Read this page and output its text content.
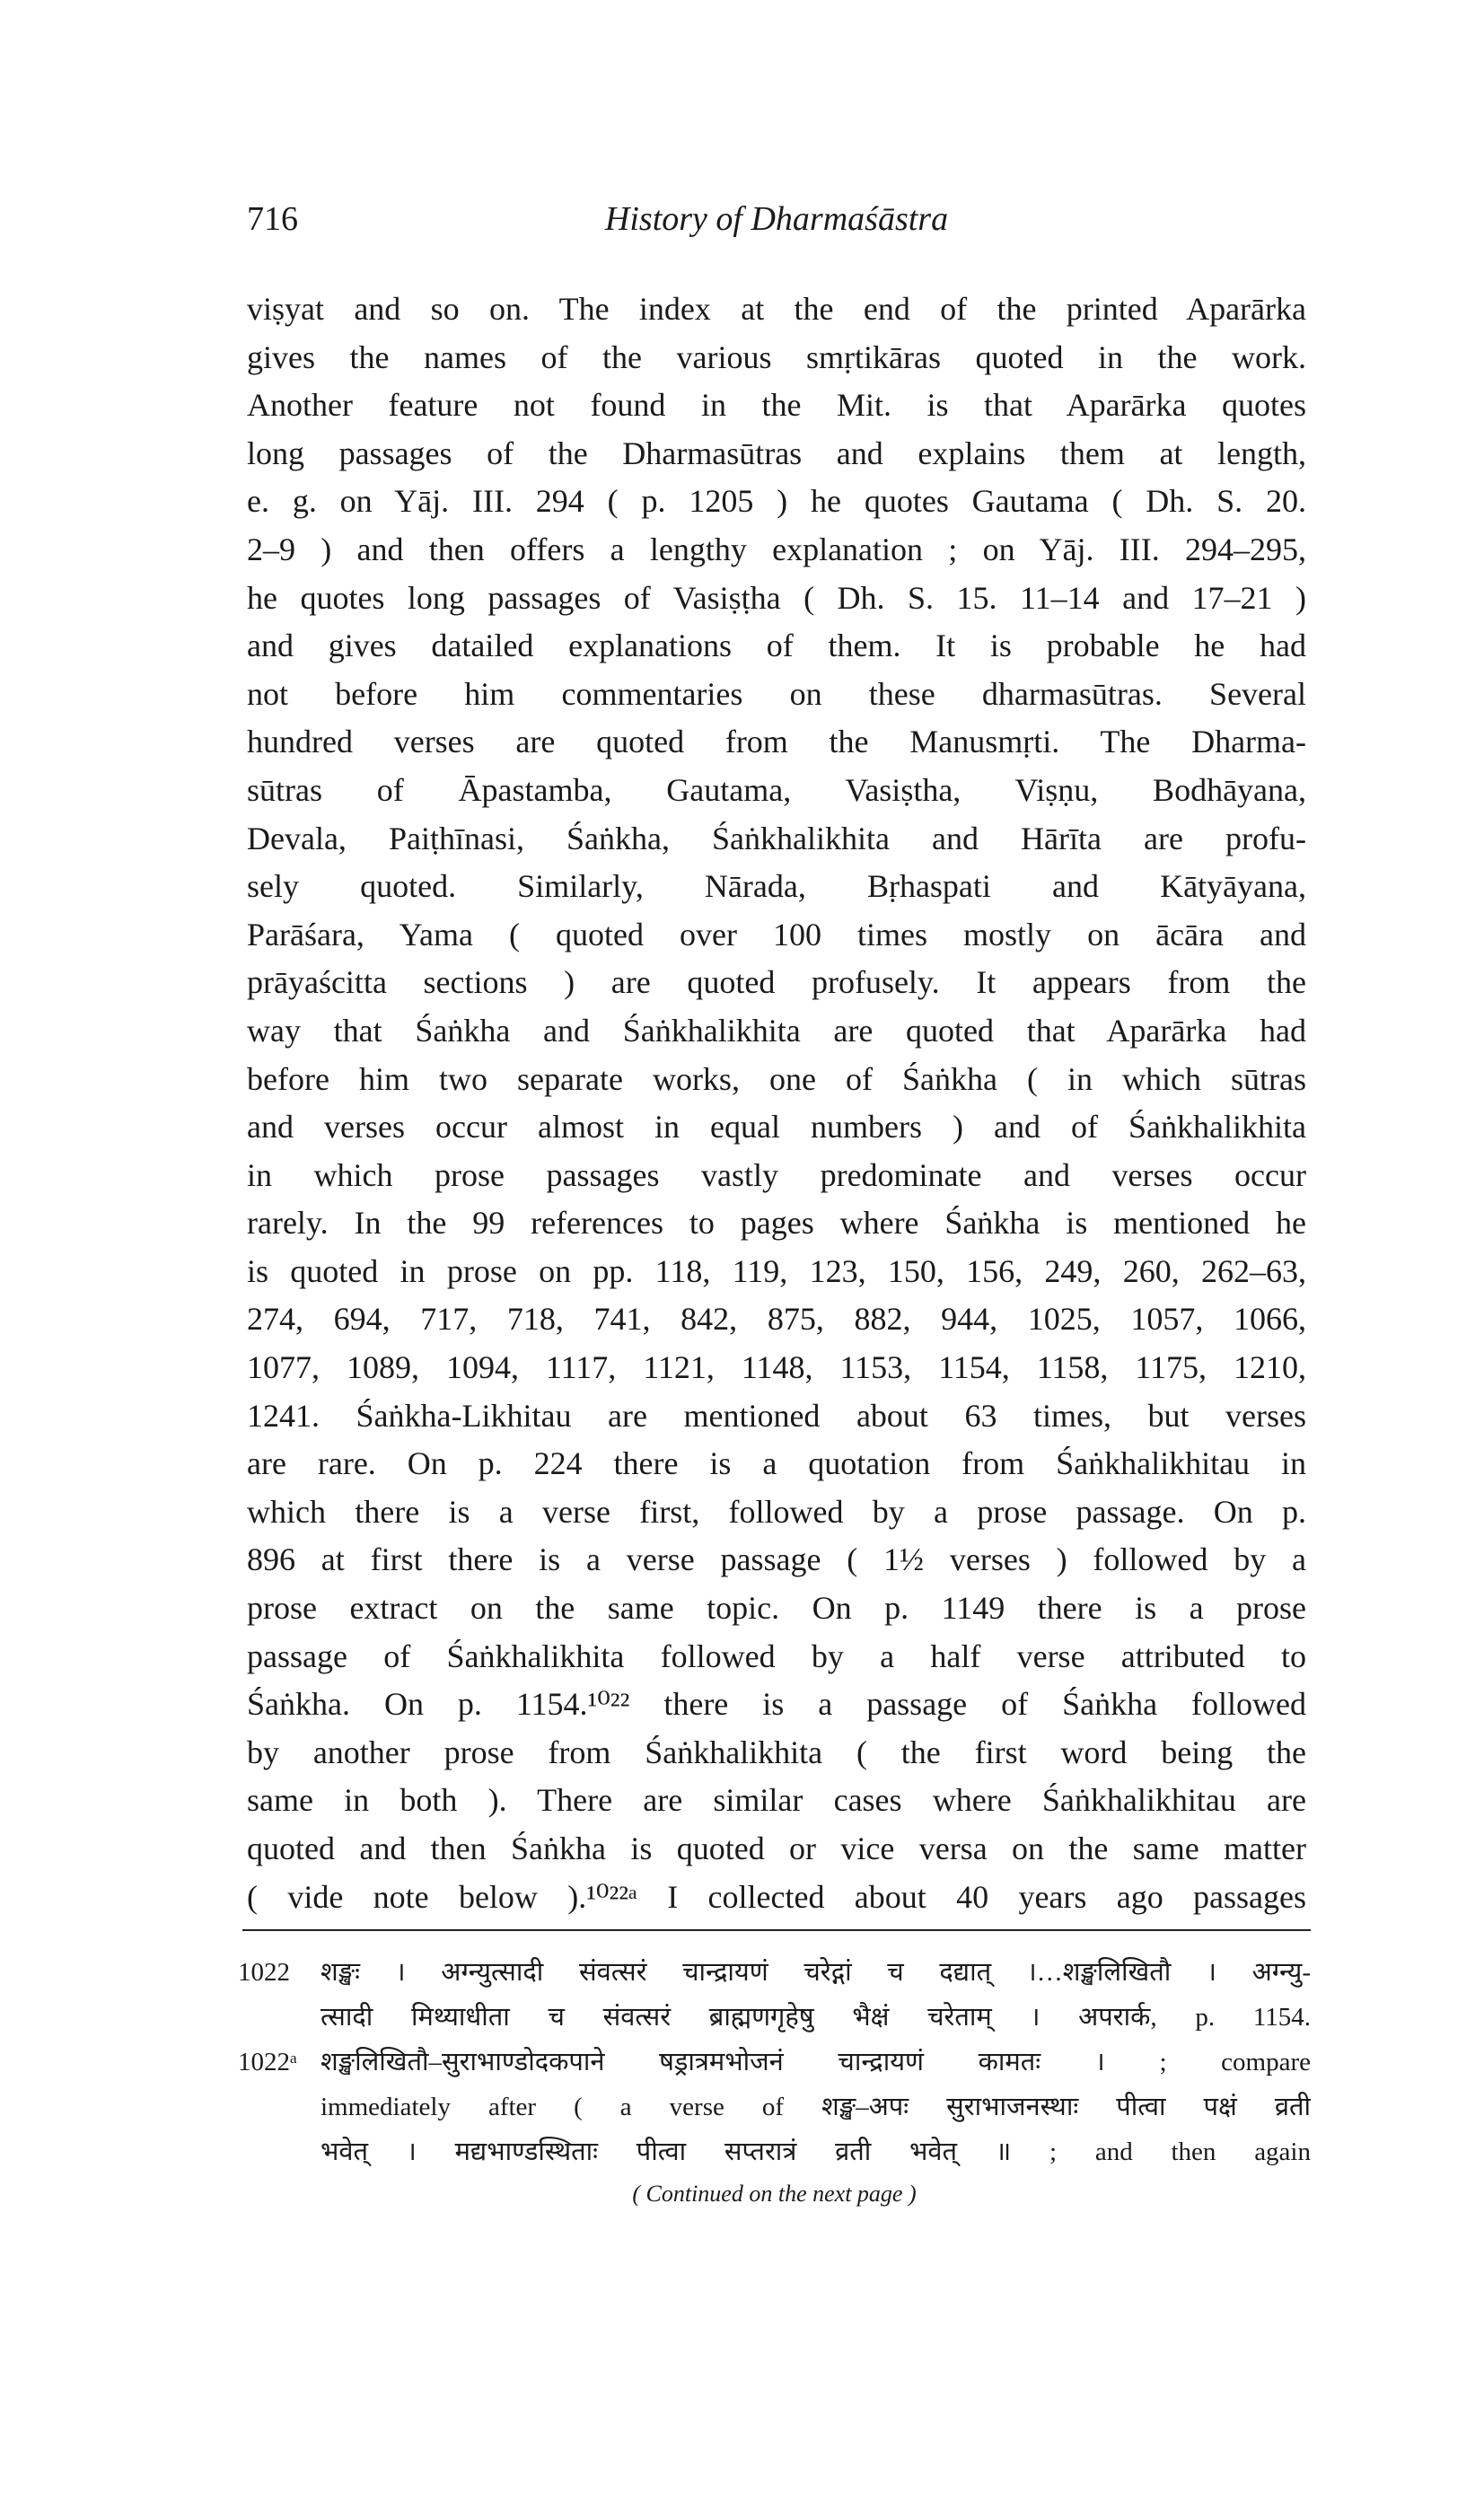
716	History of Dharmaśāstra
viṣyat and so on. The index at the end of the printed Aparārka
gives the names of the various smṛtikāras quoted in the work.
Another feature not found in the Mit. is that Aparārka quotes
long passages of the Dharmasūtras and explains them at length,
e. g. on Yāj. III. 294 ( p. 1205 ) he quotes Gautama ( Dh. S. 20.
2–9 ) and then offers a lengthy explanation ; on Yāj. III. 294–295,
he quotes long passages of Vasiṣṭha ( Dh. S. 15. 11–14 and 17–21 )
and gives datailed explanations of them. It is probable he had
not before him commentaries on these dharmasūtras. Several
hundred verses are quoted from the Manusmṛti. The Dharma-
sūtras of Āpastamba, Gautama, Vasiṣtha, Viṣṇu, Bodhāyana,
Devala, Paiṭhīnasi, Śaṅkha, Śaṅkhalikhita and Hārīta are profu-
sely quoted. Similarly, Nārada, Bṛhaspati and Kātyāyana,
Parāśara, Yama ( quoted over 100 times mostly on ācāra and
prāyaścitta sections ) are quoted profusely. It appears from the
way that Śaṅkha and Śaṅkhalikhita are quoted that Aparārka had
before him two separate works, one of Śaṅkha ( in which sūtras
and verses occur almost in equal numbers ) and of Śaṅkhalikhita
in which prose passages vastly predominate and verses occur
rarely. In the 99 references to pages where Śaṅkha is mentioned he
is quoted in prose on pp. 118, 119, 123, 150, 156, 249, 260, 262–63,
274, 694, 717, 718, 741, 842, 875, 882, 944, 1025, 1057, 1066,
1077, 1089, 1094, 1117, 1121, 1148, 1153, 1154, 1158, 1175, 1210,
1241. Śaṅkha-Likhitau are mentioned about 63 times, but verses
are rare. On p. 224 there is a quotation from Śaṅkhalikhitau in
which there is a verse first, followed by a prose passage. On p.
896 at first there is a verse passage ( 1½ verses ) followed by a
prose extract on the same topic. On p. 1149 there is a prose
passage of Śaṅkhalikhita followed by a half verse attributed to
Śaṅkha. On p. 1154.¹⁰²² there is a passage of Śaṅkha followed
by another prose from Śaṅkhalikhita ( the first word being the
same in both ). There are similar cases where Śaṅkhalikhitau are
quoted and then Śaṅkha is quoted or vice versa on the same matter
( vide note below ).¹⁰²²ᵃ I collected about 40 years ago passages
1022	शङ्खः । अग्न्युत्सादी संवत्सरं चान्द्रायणं चरेद्गां च दद्यात् ।…शङ्खलिखितौ । अग्न्यु-
त्सादी मिथ्याधीता च संवत्सरं ब्राह्मणगृहेषु भैक्षं चरेताम् । अपरार्क, p. 1154.
1022ᵃ शङ्खलिखितौ–सुराभाण्डोदकपाने षड्रात्रमभोजनं चान्द्रायणं कामतः । ; compare
immediately after ( a verse of शङ्ख–अपः सुराभाजनस्थाः पीत्वा पक्षं व्रती
भवेत् । मद्यभाण्डस्थिताः पीत्वा सप्तरात्रं व्रती भवेत् ॥ ; and then again
( Continued on the next page )
